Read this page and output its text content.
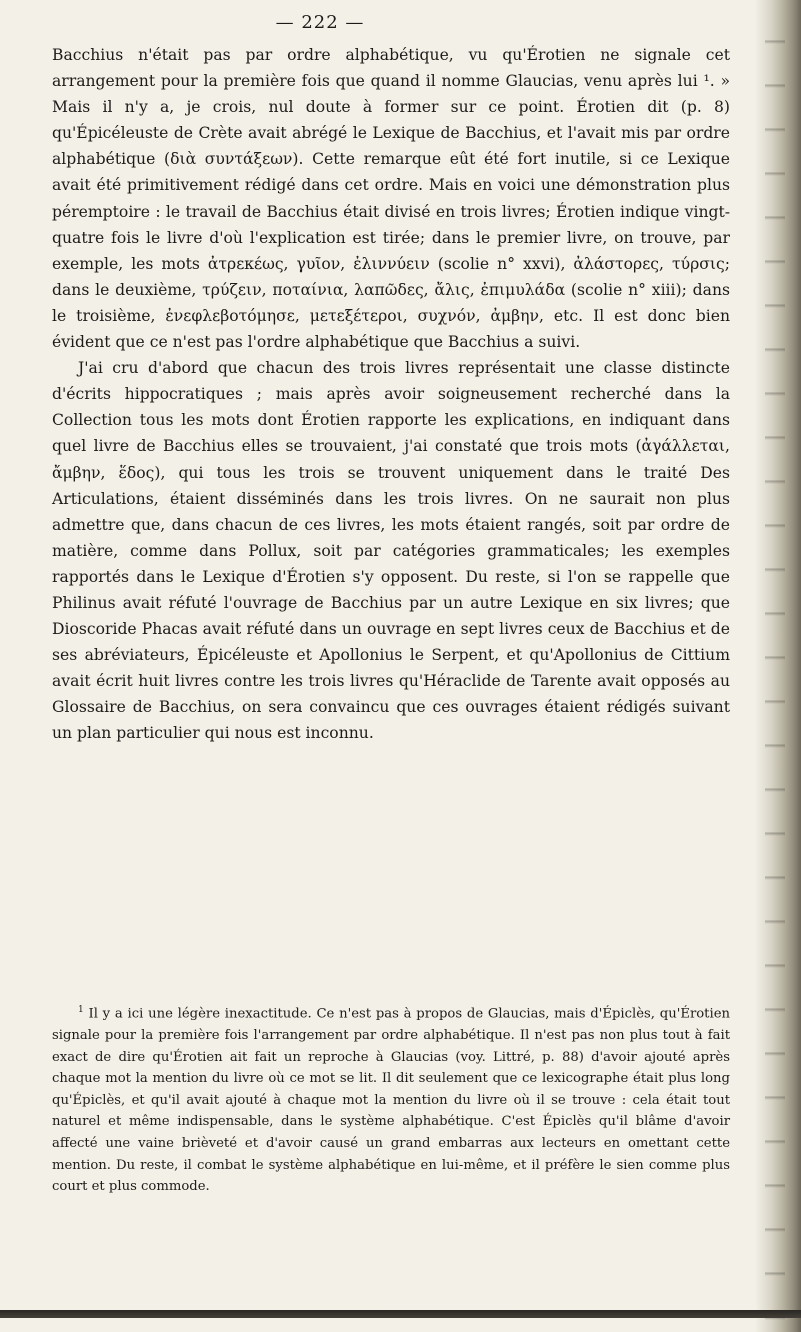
— 222 —

Bacchius n'était pas par ordre alphabétique, vu qu'Érotien ne signale cet arrangement pour la première fois que quand il nomme Glaucias, venu après lui ¹. » Mais il n'y a, je crois, nul doute à former sur ce point. Érotien dit (p. 8) qu'Épicéleuste de Crète avait abrégé le Lexique de Bacchius, et l'avait mis par ordre alphabétique (διὰ συντάξεων). Cette remarque eût été fort inutile, si ce Lexique avait été primitivement rédigé dans cet ordre. Mais en voici une démonstration plus péremptoire : le travail de Bacchius était divisé en trois livres; Érotien indique vingt-quatre fois le livre d'où l'explication est tirée; dans le premier livre, on trouve, par exemple, les mots ἀτρεκέως, γυῖον, ἐλιννύειν (scolie n° xxvi), ἀλάστορες, τύρσις; dans le deuxième, τρύζειν, ποταίνια, λαπῶδες, ἄλις, ἐπιμυλάδα (scolie n° xiii); dans le troisième, ἐνεφλεβοτόμησε, μετεξέτεροι, συχνόν, ἀμβην, etc. Il est donc bien évident que ce n'est pas l'ordre alphabétique que Bacchius a suivi.

J'ai cru d'abord que chacun des trois livres représentait une classe distincte d'écrits hippocratiques ; mais après avoir soigneusement recherché dans la Collection tous les mots dont Érotien rapporte les explications, en indiquant dans quel livre de Bacchius elles se trouvaient, j'ai constaté que trois mots (ἀγάλλεται, ἄμβην, ἕδος), qui tous les trois se trouvent uniquement dans le traité Des Articulations, étaient disséminés dans les trois livres. On ne saurait non plus admettre que, dans chacun de ces livres, les mots étaient rangés, soit par ordre de matière, comme dans Pollux, soit par catégories grammaticales; les exemples rapportés dans le Lexique d'Érotien s'y opposent. Du reste, si l'on se rappelle que Philinus avait réfuté l'ouvrage de Bacchius par un autre Lexique en six livres; que Dioscoride Phacas avait réfuté dans un ouvrage en sept livres ceux de Bacchius et de ses abréviateurs, Épicéleuste et Apollonius le Serpent, et qu'Apollonius de Cittium avait écrit huit livres contre les trois livres qu'Héraclide de Tarente avait opposés au Glossaire de Bacchius, on sera convaincu que ces ouvrages étaient rédigés suivant un plan particulier qui nous est inconnu.

$^1$ Il y a ici une légère inexactitude. Ce n'est pas à propos de Glaucias, mais d'Épiclès, qu'Érotien signale pour la première fois l'arrangement par ordre alphabétique. Il n'est pas non plus tout à fait exact de dire qu'Érotien ait fait un reproche à Glaucias (voy. Littré, p. 88) d'avoir ajouté après chaque mot la mention du livre où ce mot se lit. Il dit seulement que ce lexicographe était plus long qu'Épiclès, et qu'il avait ajouté à chaque mot la mention du livre où il se trouve : cela était tout naturel et même indispensable, dans le système alphabétique. C'est Épiclès qu'il blâme d'avoir affecté une vaine brièveté et d'avoir causé un grand embarras aux lecteurs en omettant cette mention. Du reste, il combat le système alphabétique en lui-même, et il préfère le sien comme plus court et plus commode.
